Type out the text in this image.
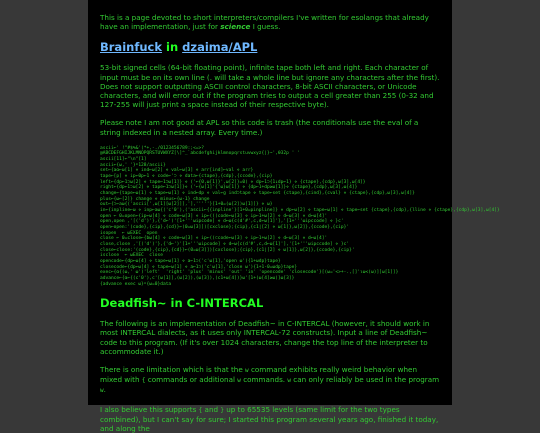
This is a page devoted to short interpreters/compilers I've written for esolangs that already have an implementation, just for science I guess.

Brainfuck in dzaima/APL

53-bit signed cells (64-bit floating point), infinite tape both left and right. Each character of input must be on its own line (. will take a whole line but ignore any characters after the first). Does not support outputting ASCII control characters, 8-bit ASCII characters, or Unicode characters, and will error out if the program tries to output a cell greater than 255 (0-32 and 127-255 will just print a space instead of their respective byte).

Please note I am not good at APL so this code is trash (the conditionals use the eval of a string indexed in a nested array. Every time.)

ascii←' !"#$%&'(*+,-./0123456789:;<=>?
@ABCDEFGHIJKLMNOPQRSTUVWXYZ[\]^_`abcdefghijklmnopqrstuvwxyz{|}~',⍬32p ' '
ascii[11]←"\n"[1]
ascii←{⍵,' '}⍣128/ascii}
set←{a⍺←⍵[1] ⋄ ind←⍵[2] ⋄ val←⍵[3] ⋄ arr[ind]←val ⋄ arr}
tape←[p] ⋄ ip←0p←1 ⋄ code←'⊃ ⋄ data←{ctape},{cdp},{ccode},{cip}
left←{dp←1⊃⍵[2] ⋄ tape←1⊃⍵[1]} ⋄ ('←{0,⍵[1]}',⍵[2]}=0) ⋄ dp←1⊃{1↓dp←1} ⋄ {ctape},{cdp},⍵[3],⍵[4]}
right←{dp←1⊃⍵[2] ⋄ tape←1⊃⍵[1]}⋄ ('←{⍵[1]'{'⍵}⍵[1]} ⋄ {dp←1+dp≥⍵[1]}⋄ {ctape},{cdp},⍵[3],⍵[4]}
change←{tape←⍵[1] ⋄ tape←⍵[1] ⋄ ind←dp ⋄ val←g ind⊃tape ⋄ tape←set {ctape},{cind},{cval} ⋄ {ctape},{cdp},⍵[3],⍵[4]}
plus←{⍵←[2]} change ⋄ minus←{⍵-1} change
out←{⊃←a⍵{('ascii[',⍵[1][⍵[2]]],'],'''''}[1+0=(⍵[2])⍵[1]]} ⋄ ⍵}
in←{inpline←⍵ ⋄ inp←a⍵{('c'0'),('ascii←{{inpline'}[1+0=pinpline]} ⋄ dp←⍵[2] ⋄ tape←⍵[1] ⋄ tape←set {ctape},{cdp},{lline ⋄ {ctape},{cdp},⍵[3],⍵[4]}
open ← 0=open←{ip←⍵[4] ⋄ code←⍵[3] ⋄ ip←(((code←⍵[3] ⋄ ip←1+⍵[2] ⋄ d←⍵[3] ⋄ d←⍵[4]'
open,open ,'[('d')'},{'d←')'[1+'''⍵ipcode] ⋄ d←⍵{c(d'#',c,d←⍵[1]'],'[1+'''⍵ipccode] ⋄ }c'
open←open:'(code},{cip},{cd}}←(0=⍵[3]])[cxclose};{cip},{c1|[2] ⋄ ⍵[1]},⍵[2]},{ccode},{cip}'
isopen  ← ⍵EXEC  open
close ← 0=close←{b⍵[4] ⋄ code←⍵[3] ⋄ ip←((⊂code←⍵[3] ⋄ ip←1+⍵[2] ⋄ d←⍵[3] ⋄ d←⍵[4]'
close,close ,'[('d')'},{'d←')'[1+'''⍵ipcode] ⋄ d←⍵{c(d'#',c,d←⍵[1]'],'[1+'''⍵ipccode] ⋄ }c'
close←close:'(code},{cip},{cd}}←(0=⍵[3]])[cxclose};{cip},{c1|[2] ⋄ ⍵[1]},⍵[2]},{ccode},{cip}'
isclose  ← ⍵EXEC  close
opencode←{dp←⍵[4] ⋄ tape←⍵[1] ⋄ a←1⊃('c'⍵[1],'open ⍵'){1+⍵dp}tape}
closecode←{dp←⍵[4] ⋄ tape←⍵[1] ⋄ a←1⊃('c'⍵[1],'close ⍵'){1+1-0=⍵dp}tape}
exec←{⍺{(⍵,' ⍵')'left'  'right' 'plus' 'minus' 'out' 'in' 'opencode' 'closecode'}[(⍵='<>+-.,[]'⍳⍵<(⍵)]]⍵[1]]}
advance←{⍺←{(c'0'),c'[⍵[1]],(⍵[2]),(⍵[3]),(c1+⍵[4])}⍵'[1+(⍵[4]≥⍵)]⍵[3]}
{advance exec ⍵}⍣{⍵=0}data
Deadfish~ in C-INTERCAL

The following is an implementation of Deadfish~ in C-INTERCAL (however, it should work in most INTERCAL dialects, as it uses only INTERCAL-72 constructs). Input a line of Deadfish~ code to this program. (If it's over 1024 characters, change the top line of the interpreter to accommodate it.)

There is one limitation which is that the w command exhibits really weird behavior when mixed with { commands or additional w commands. w can only reliably be used in the program w.

I also believe this supports { and } up to 65535 levels (same limit for the two types combined), but I can't say for sure; I started this program several years ago, finished it today, and along the
